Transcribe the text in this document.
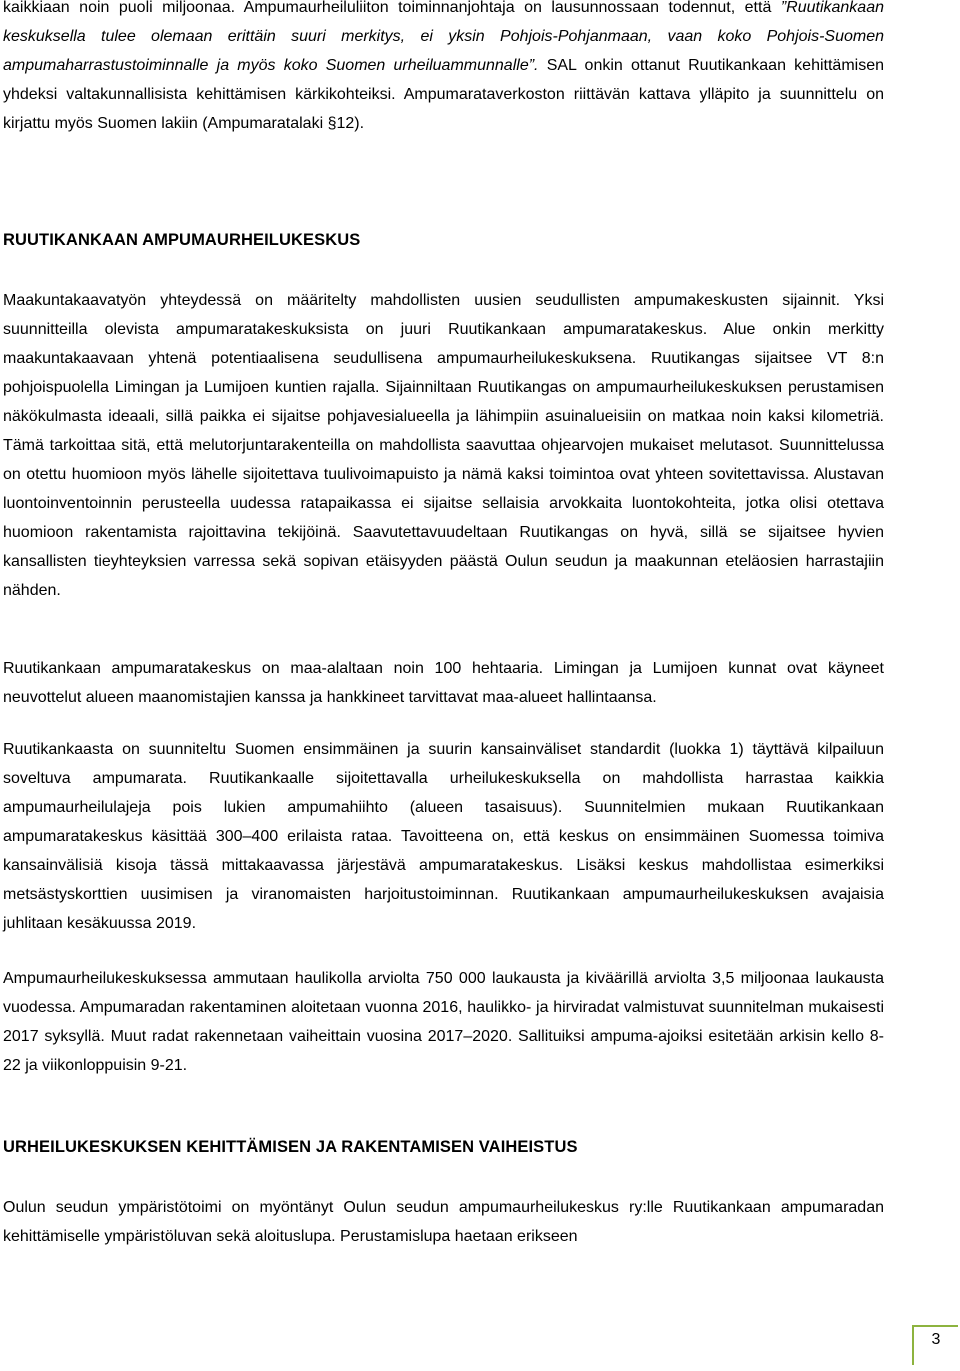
kaikkiaan noin puoli miljoonaa. Ampumaurheiluliiton toiminnanjohtaja on lausunnossaan todennut, että ”Ruutikankaan keskuksella tulee olemaan erittäin suuri merkitys, ei yksin Pohjois-Pohjanmaan, vaan koko Pohjois-Suomen ampumaharrastustoiminnalle ja myös koko Suomen urheiluammunnalle”. SAL onkin ottanut Ruutikankaan kehittämisen yhdeksi valtakunnallisista kehittämisen kärkikohteiksi. Ampumarataverkoston riittävän kattava ylläpito ja suunnittelu on kirjattu myös Suomen lakiin (Ampumaratalaki §12).

RUUTIKANKAAN AMPUMAURHEILUKESKUS
Maakuntakaavatyön yhteydessä on määritelty mahdollisten uusien seudullisten ampumakeskusten sijainnit. Yksi suunnitteilla olevista ampumaratakeskuksista on juuri Ruutikankaan ampumaratakeskus. Alue onkin merkitty maakuntakaavaan yhtenä potentiaalisena seudullisena ampumaurheilukeskuksena. Ruutikangas sijaitsee VT 8:n pohjoispuolella Limingan ja Lumijoen kuntien rajalla. Sijainniltaan Ruutikangas on ampumaurheilukeskuksen perustamisen näkökulmasta ideaali, sillä paikka ei sijaitse pohjavesialueella ja lähimpiin asuinalueisiin on matkaa noin kaksi kilometriä. Tämä tarkoittaa sitä, että melutorjuntarakenteilla on mahdollista saavuttaa ohjearvojen mukaiset melutasot. Suunnittelussa on otettu huomioon myös lähelle sijoitettava tuulivoimapuisto ja nämä kaksi toimintoa ovat yhteen sovitettavissa. Alustavan luontoinventoinnin perusteella uudessa ratapaikassa ei sijaitse sellaisia arvokkaita luontokohteita, jotka olisi otettava huomioon rakentamista rajoittavina tekijöinä. Saavutettavuudeltaan Ruutikangas on hyvä, sillä se sijaitsee hyvien kansallisten tieyhteyksien varressa sekä sopivan etäisyyden päästä Oulun seudun ja maakunnan eteläosien harrastajiin nähden.
Ruutikankaan ampumaratakeskus on maa-alaltaan noin 100 hehtaaria. Limingan ja Lumijoen kunnat ovat käyneet neuvottelut alueen maanomistajien kanssa ja hankkineet tarvittavat maa-alueet hallintaansa.
Ruutikankaasta on suunniteltu Suomen ensimmäinen ja suurin kansainväliset standardit (luokka 1) täyttävä kilpailuun soveltuva ampumarata. Ruutikankaalle sijoitettavalla urheilukeskuksella on mahdollista harrastaa kaikkia ampumaurheilulajeja pois lukien ampumahiihto (alueen tasaisuus). Suunnitelmien mukaan Ruutikankaan ampumaratakeskus käsittää 300–400 erilaista rataa. Tavoitteena on, että keskus on ensimmäinen Suomessa toimiva kansainvälisiä kisoja tässä mittakaavassa järjestävä ampumaratakeskus. Lisäksi keskus mahdollistaa esimerkiksi metsästyskorttien uusimisen ja viranomaisten harjoitustoiminnan. Ruutikankaan ampumaurheilukeskuksen avajaisia juhlitaan kesäkuussa 2019.
Ampumaurheilukeskuksessa ammutaan haulikolla arviolta 750 000 laukausta ja kiväärillä arviolta 3,5 miljoonaa laukausta vuodessa. Ampumaradan rakentaminen aloitetaan vuonna 2016, haulikko- ja hirviradat valmistuvat suunnitelman mukaisesti 2017 syksyllä. Muut radat rakennetaan vaiheittain vuosina 2017–2020. Sallituiksi ampuma-ajoiksi esitetään arkisin kello 8-22 ja viikonloppuisin 9-21.
URHEILUKESKUKSEN KEHITTÄMISEN JA RAKENTAMISEN VAIHEISTUS
Oulun seudun ympäristötoimi on myöntänyt Oulun seudun ampumaurheilukeskus ry:lle Ruutikankaan ampumaradan kehittämiselle ympäristöluvan sekä aloituslupa. Perustamislupa haetaan erikseen
3
